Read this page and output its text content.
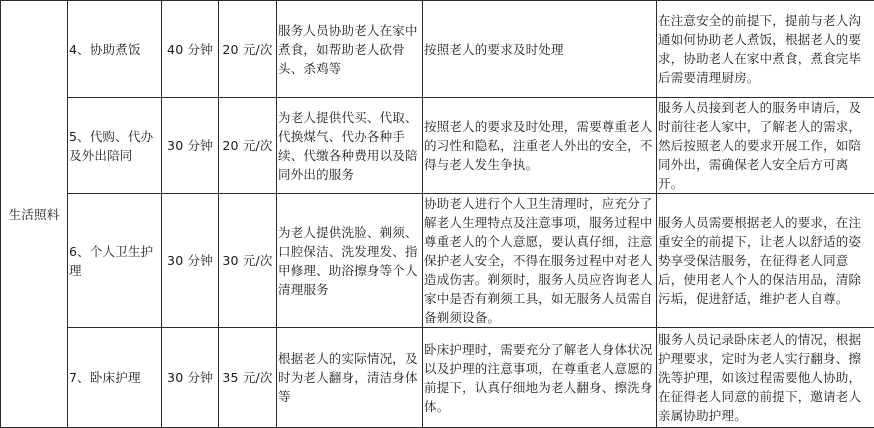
生活照料	4、协助煮饭	40 分钟	20 元/次	服务人员协助老人在家中煮食，如帮助老人砍骨头、杀鸡等	按照老人的要求及时处理	在注意安全的前提下，提前与老人沟通如何协助老人煮饭，根据老人的要求，协助老人在家中煮食，煮食完毕后需要清理厨房。

	5、代购、代办及外出陪同	30 分钟	20 元/次	为老人提供代买、代取、代换煤气、代办各种手续、代缴各种费用以及陪同外出的服务	按照老人的要求及时处理，需要尊重老人的习性和隐私，注重老人外出的安全，不得与老人发生争执。	服务人员接到老人的服务申请后，及时前往老人家中，了解老人的需求，然后按照老人的要求开展工作，如陪同外出，需确保老人安全后方可离开。

	6、个人卫生护理	30 分钟	30 元/次	为老人提供洗脸、剃须、口腔保洁、洗发理发、指甲修理、助浴擦身等个人清理服务	协助老人进行个人卫生清理时，应充分了解老人生理特点及注意事项，服务过程中尊重老人的个人意愿，要认真仔细，注意保护老人安全，不得在服务过程中对老人造成伤害。剃须时，服务人员应咨询老人家中是否有剃须工具，如无服务人员需自备剃须设备。	服务人员需要根据老人的要求，在注重安全的前提下，让老人以舒适的姿势享受保洁服务，在征得老人同意后，使用老人个人的保洁用品，清除污垢，促进舒适，维护老人自尊。

	7、卧床护理	30 分钟	35 元/次	根据老人的实际情况，及时为老人翻身，清洁身体等	卧床护理时，需要充分了解老人身体状况以及护理的注意事项，在尊重老人意愿的前提下，认真仔细地为老人翻身、擦洗身体。	服务人员记录卧床老人的情况，根据护理要求，定时为老人实行翻身、擦洗等护理，如该过程需要他人协助，在征得老人同意的前提下，邀请老人亲属协助护理。
